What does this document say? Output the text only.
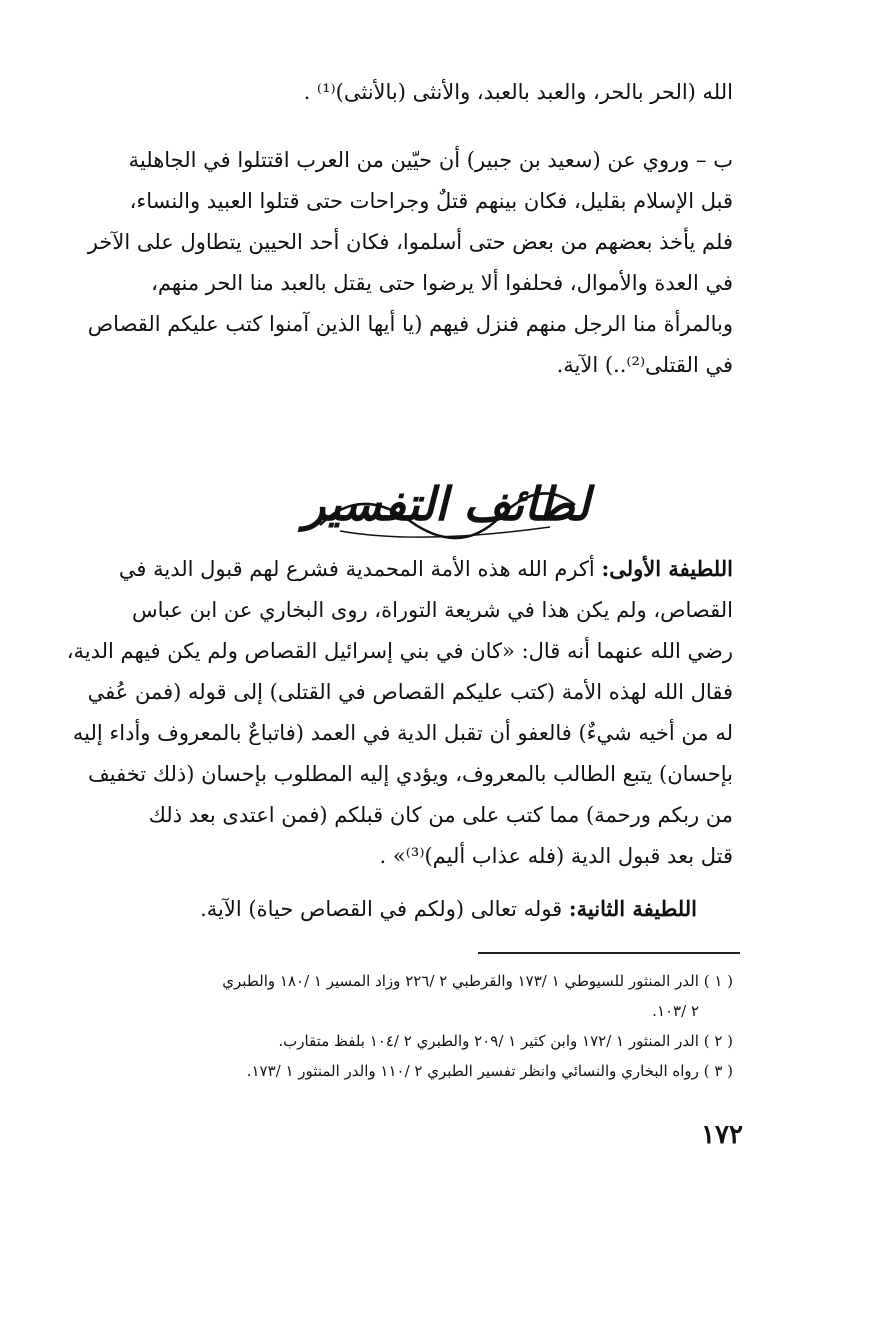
الله (الحر بالحر، والعبد بالعبد، والأنثى (بالأنثى)⁽¹⁾ .
ب – وروي عن (سعيد بن جبير) أن حيّين من العرب اقتتلوا في الجاهلية
قبل الإسلام بقليل، فكان بينهم قتلٌ وجراحات حتى قتلوا العبيد والنساء،
فلم يأخذ بعضهم من بعض حتى أسلموا، فكان أحد الحيين يتطاول على الآخر
في العدة والأموال، فحلفوا ألا يرضوا حتى يقتل بالعبد منا الحر منهم،
وبالمرأة منا الرجل منهم فنزل فيهم (يا أيها الذين آمنوا كتب عليكم القصاص
في القتلى⁽²⁾..) الآية.
لطائف التفسير
اللطيفة الأولى: أكرم الله هذه الأمة المحمدية فشرع لهم قبول الدية في
القصاص، ولم يكن هذا في شريعة التوراة، روى البخاري عن ابن عباس
رضي الله عنهما أنه قال: «كان في بني إسرائيل القصاص ولم يكن فيهم الدية،
فقال الله لهذه الأمة (كتب عليكم القصاص في القتلى) إلى قوله (فمن عُفي
له من أخيه شيءٌ) فالعفو أن تقبل الدية في العمد (فاتباعٌ بالمعروف وأداء إليه
بإحسان) يتبع الطالب بالمعروف، ويؤدي إليه المطلوب بإحسان (ذلك تخفيف
من ربكم ورحمة) مما كتب على من كان قبلكم (فمن اعتدى بعد ذلك
قتل بعد قبول الدية (فله عذاب أليم)⁽³⁾» .
اللطيفة الثانية: قوله تعالى (ولكم في القصاص حياة) الآية.
( ١ ) الدر المنثور للسيوطي ١ /١٧٣ والقرطبي ٢ /٢٢٦ وزاد المسير ١ /١٨٠ والطبري
٢ /١٠٣.
( ٢ ) الدر المنثور ١ /١٧٢ وابن كثير ١ /٢٠٩ والطبري ٢ /١٠٤ بلفظ متقارب.
( ٣ ) رواه البخاري والنسائي وانظر تفسير الطبري ٢ /١١٠ والدر المنثور ١ /١٧٣.
١٧٢
